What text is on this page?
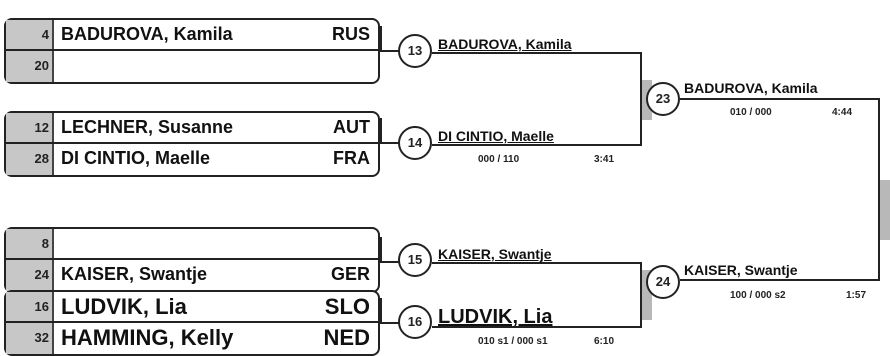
4 BADUROVA, Kamila	RUS
20
12 LECHNER, Susanne	AUT
28 DI CINTIO, Maelle	FRA
8
24 KAISER, Swantje	GER
16 LUDVIK, Lia	SLO
32 HAMMING, Kelly	NED
13
14
15
16
BADUROVA, Kamila
DI CINTIO, Maelle
000 / 110	3:41
KAISER, Swantje
LUDVIK, Lia
010 s1 / 000 s1	6:10
23
24
BADUROVA, Kamila
010 / 000	4:44
KAISER, Swantje
100 / 000 s2	1:57
